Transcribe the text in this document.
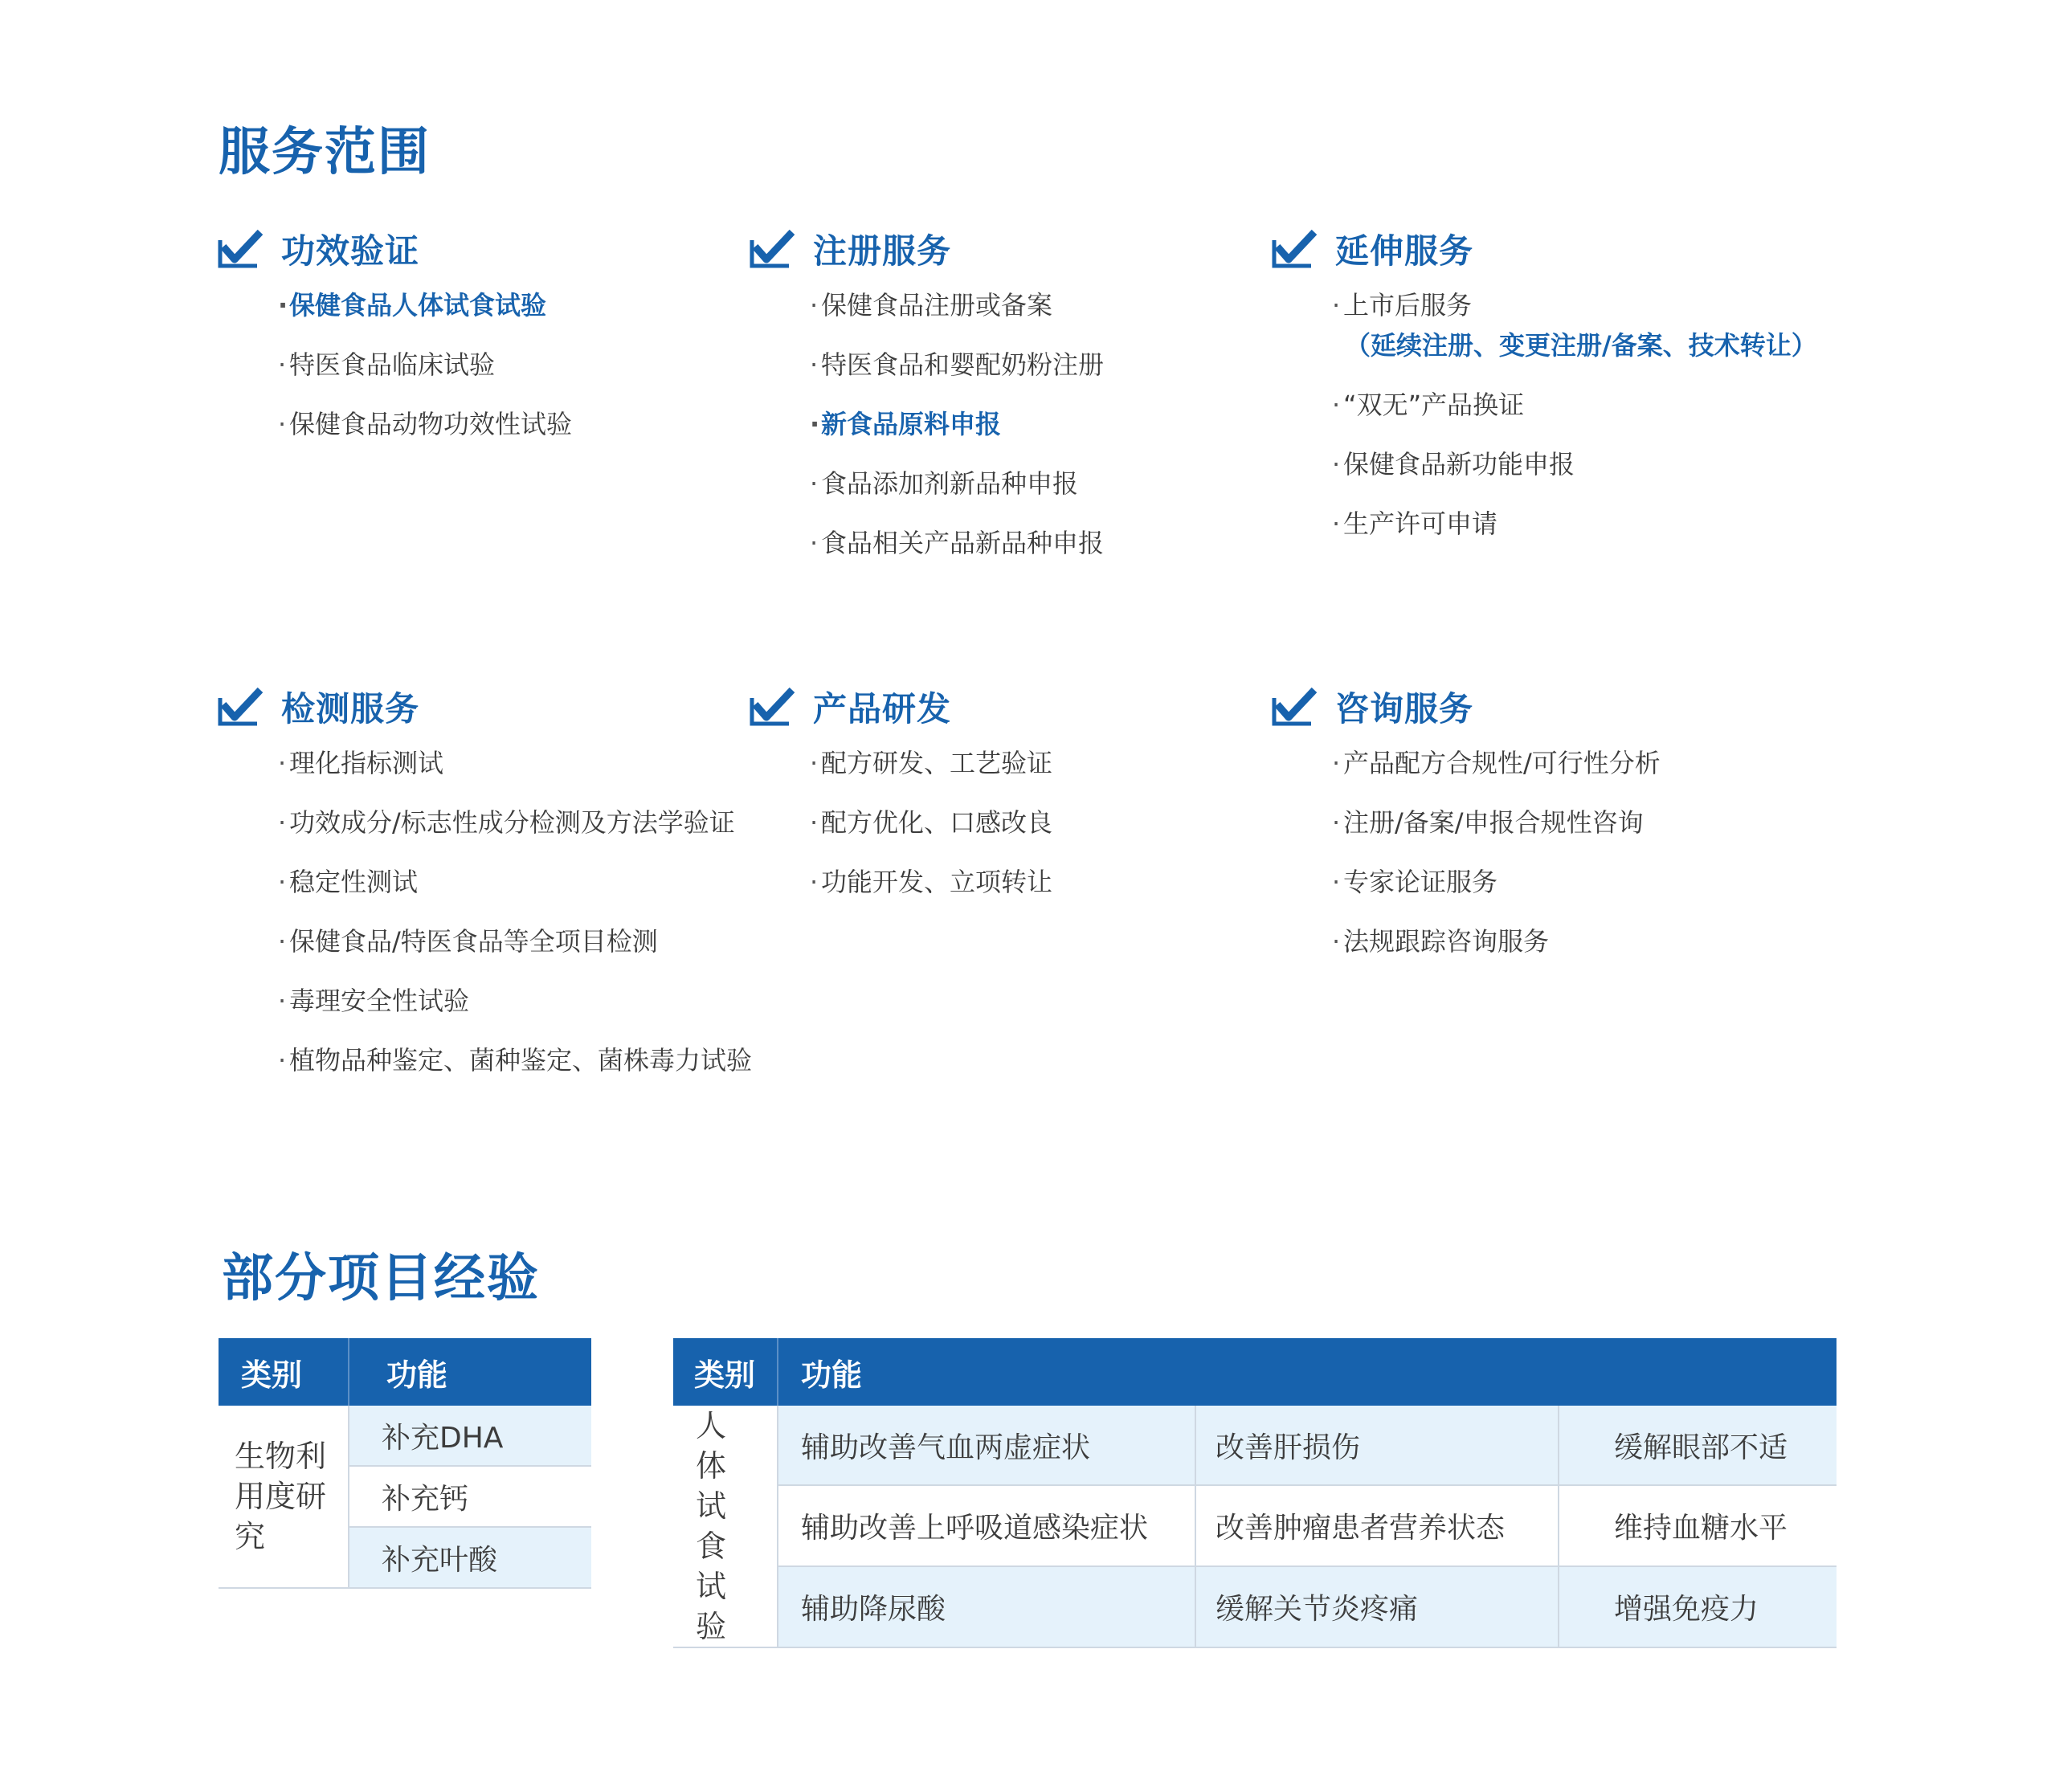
服务范围
功效验证
· 保健食品人体试食试验
· 特医食品临床试验
· 保健食品动物功效性试验
注册服务
· 保健食品注册或备案
· 特医食品和婴配奶粉注册
· 新食品原料申报
· 食品添加剂新品种申报
· 食品相关产品新品种申报
延伸服务
· 上市后服务
（延续注册、变更注册/备案、技术转让）
· “双无”产品换证
· 保健食品新功能申报
· 生产许可申请
检测服务
· 理化指标测试
· 功效成分/标志性成分检测及方法学验证
· 稳定性测试
· 保健食品/特医食品等全项目检测
· 毒理安全性试验
· 植物品种鉴定、菌种鉴定、菌株毒力试验
产品研发
· 配方研发、工艺验证
· 配方优化、口感改良
· 功能开发、立项转让
咨询服务
· 产品配方合规性/可行性分析
· 注册/备案/申报合规性咨询
· 专家论证服务
· 法规跟踪咨询服务
部分项目经验
类别	功能
生物利用度研究	补充DHA
	补充钙
	补充叶酸
类别	功能		
人体试食试验	辅助改善气血两虚症状	改善肝损伤	缓解眼部不适
	辅助改善上呼吸道感染症状	改善肿瘤患者营养状态	维持血糖水平
	辅助降尿酸	缓解关节炎疼痛	增强免疫力
